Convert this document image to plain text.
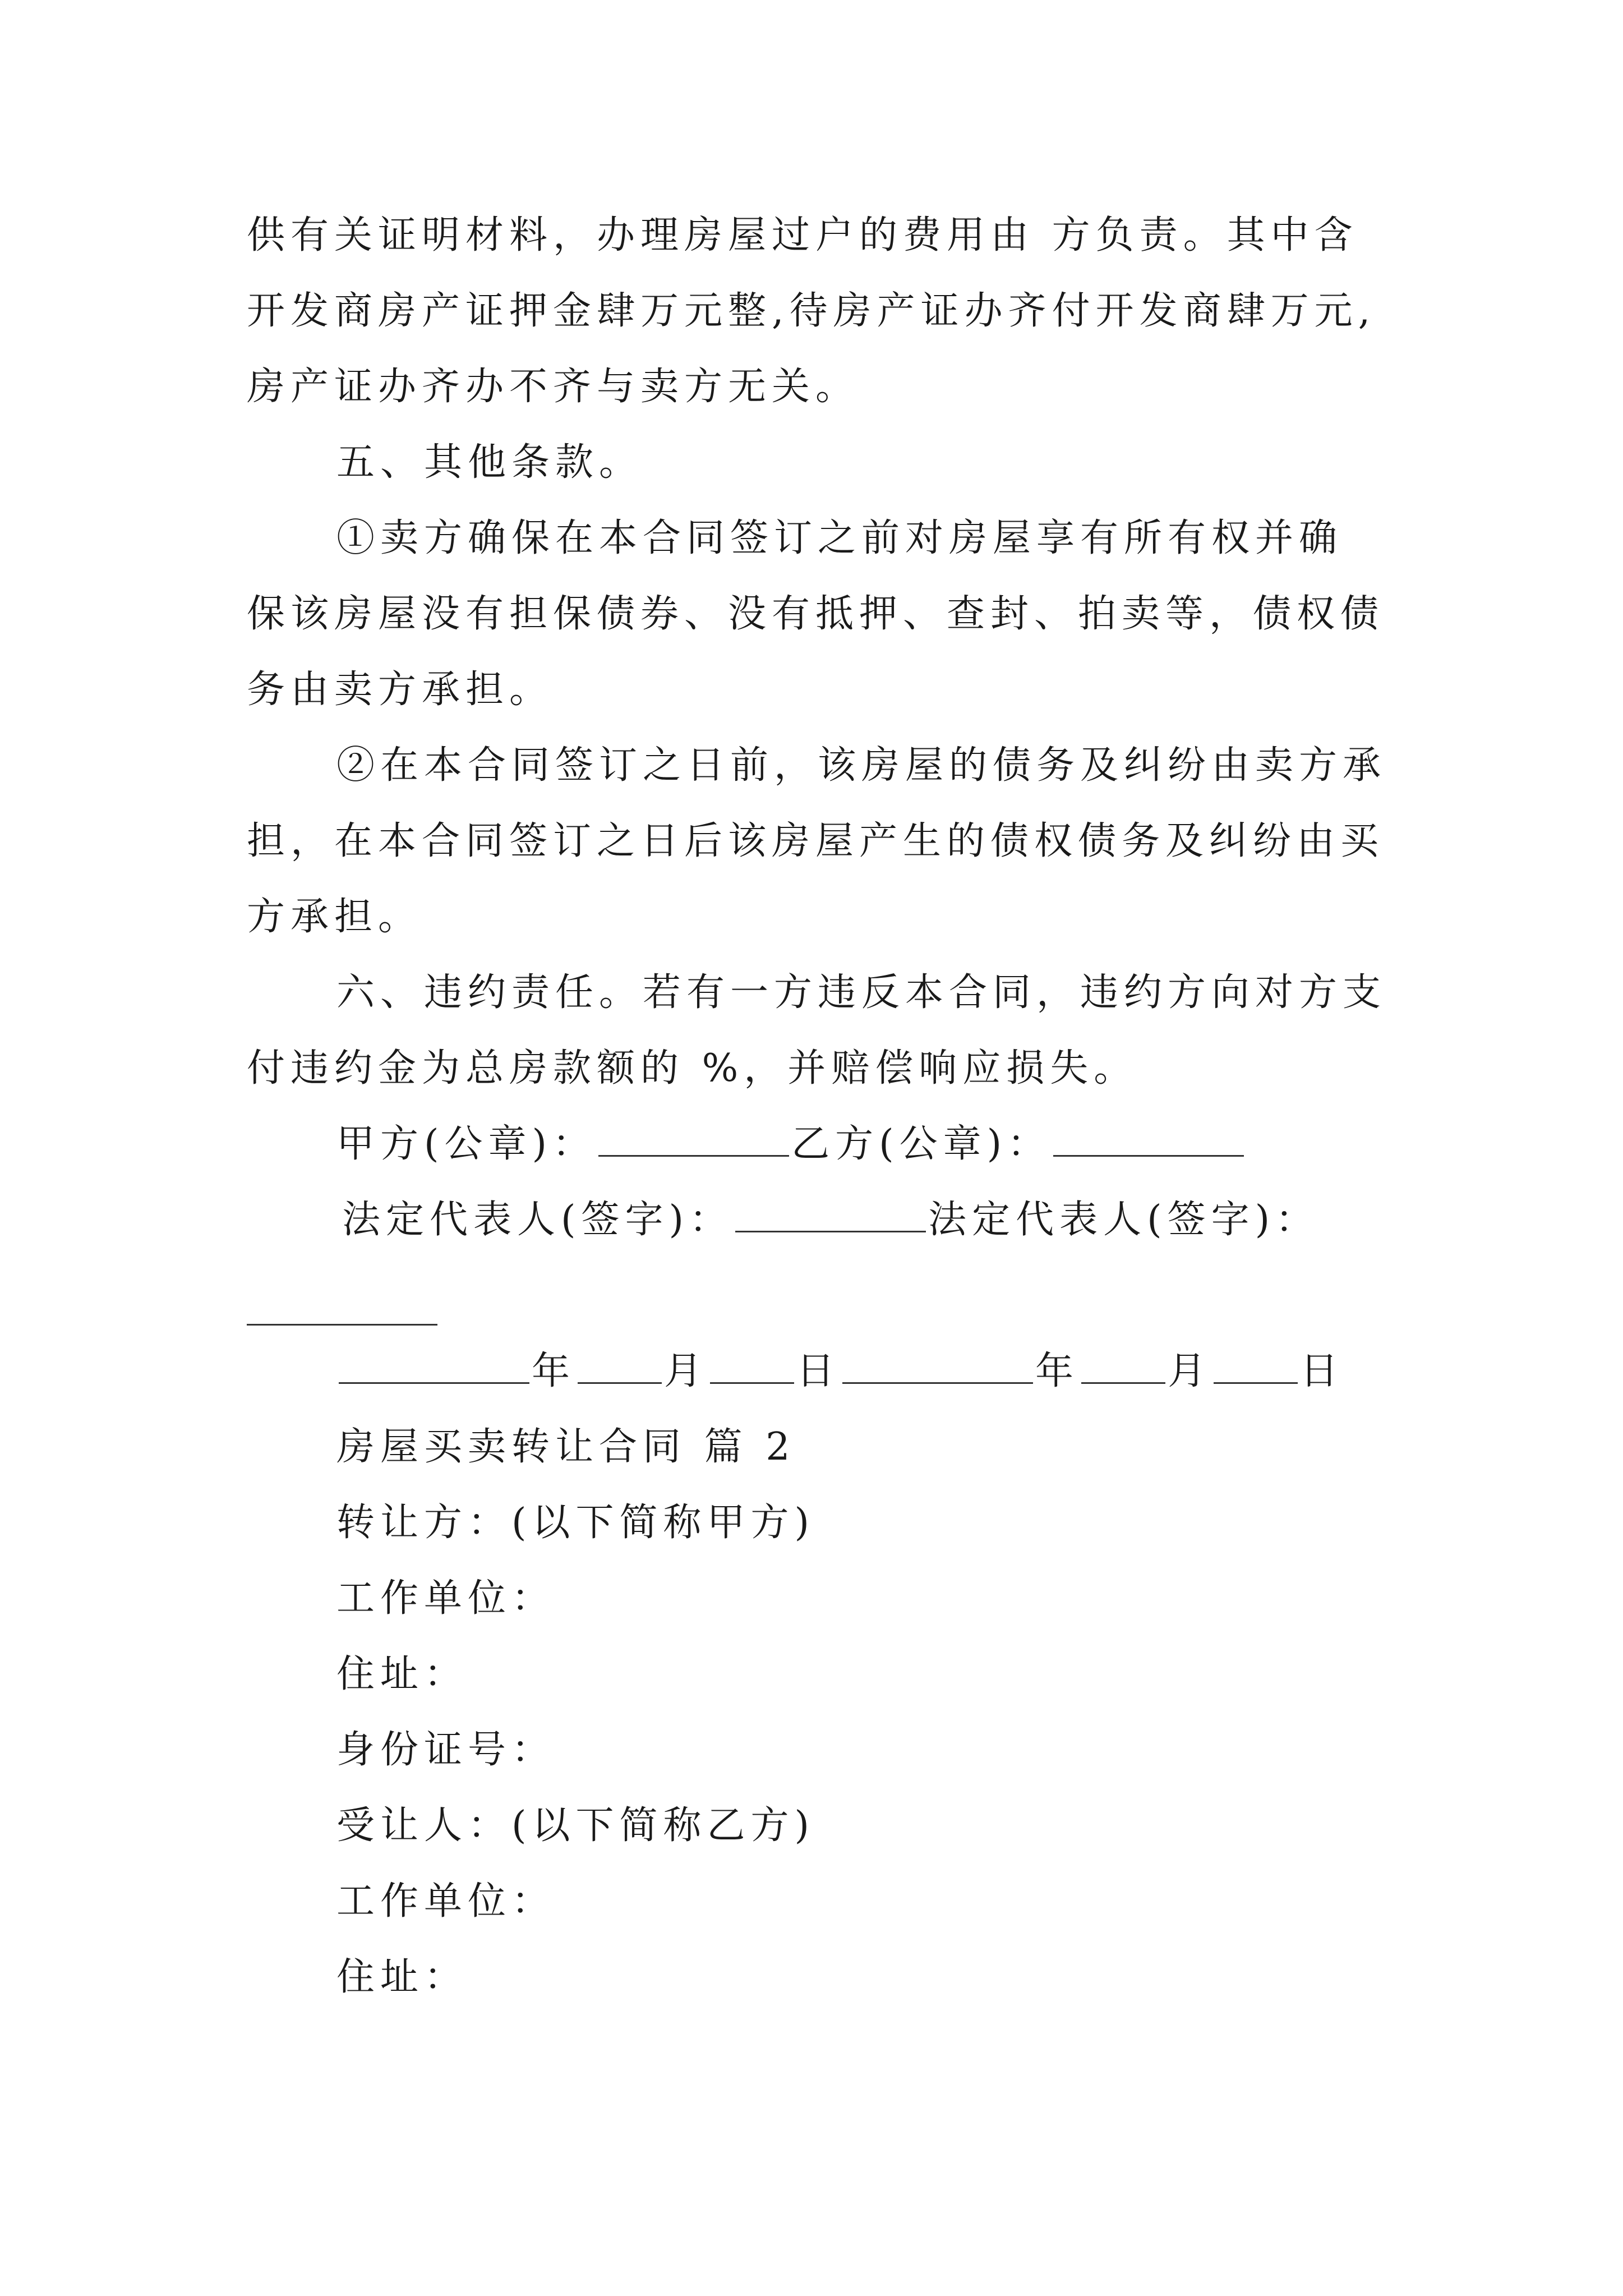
供有关证明材料，办理房屋过户的费用由 方负责。其中含
开发商房产证押金肆万元整,待房产证办齐付开发商肆万元,
房产证办齐办不齐与卖方无关。
五、其他条款。
①卖方确保在本合同签订之前对房屋享有所有权并确
保该房屋没有担保债券、没有抵押、查封、拍卖等，债权债
务由卖方承担。
②在本合同签订之日前，该房屋的债务及纠纷由卖方承
担，在本合同签订之日后该房屋产生的债权债务及纠纷由买
方承担。
六、违约责任。若有一方违反本合同，违约方向对方支
付违约金为总房款额的 %，并赔偿响应损失。
甲方(公章)：	乙方(公章)：
法定代表人(签字)：	法定代表人(签字)：
年 月 日	年 月 日
房屋买卖转让合同 篇 2
转让方：(以下简称甲方)
工作单位：
住址：
身份证号：
受让人：(以下简称乙方)
工作单位：
住址：
